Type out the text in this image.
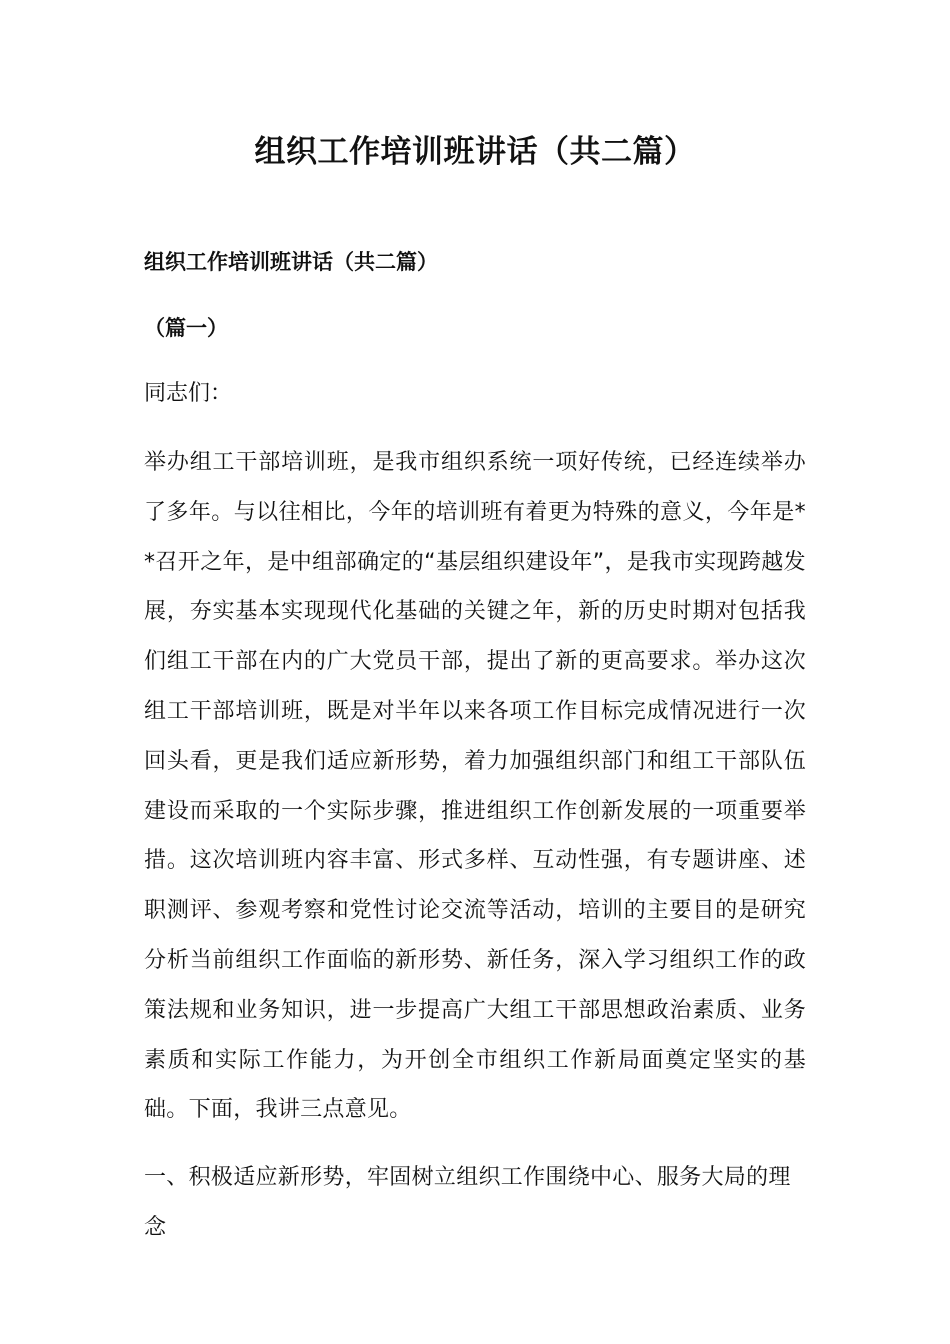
组织工作培训班讲话（共二篇）

组织工作培训班讲话（共二篇）

（篇一）

同志们：

举办组工干部培训班，是我市组织系统一项好传统，已经连续举办了多年。与以往相比，今年的培训班有着更为特殊的意义，今年是**召开之年，是中组部确定的“基层组织建设年”，是我市实现跨越发展，夯实基本实现现代化基础的关键之年，新的历史时期对包括我们组工干部在内的广大党员干部，提出了新的更高要求。举办这次组工干部培训班，既是对半年以来各项工作目标完成情况进行一次回头看，更是我们适应新形势，着力加强组织部门和组工干部队伍建设而采取的一个实际步骤，推进组织工作创新发展的一项重要举措。这次培训班内容丰富、形式多样、互动性强，有专题讲座、述职测评、参观考察和党性讨论交流等活动，培训的主要目的是研究分析当前组织工作面临的新形势、新任务，深入学习组织工作的政策法规和业务知识，进一步提高广大组工干部思想政治素质、业务素质和实际工作能力，为开创全市组织工作新局面奠定坚实的基础。下面，我讲三点意见。

一、积极适应新形势，牢固树立组织工作围绕中心、服务大局的理念
